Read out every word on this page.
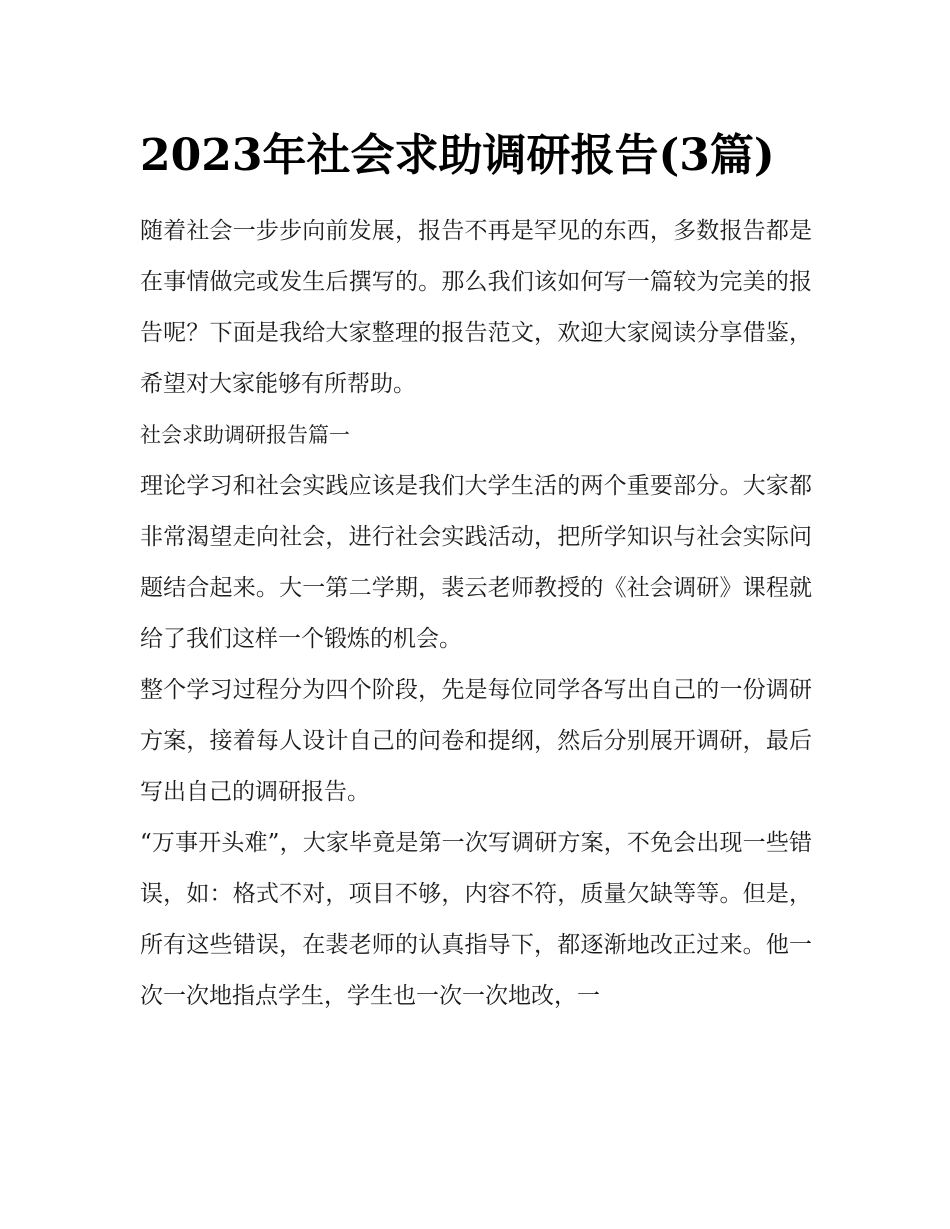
2023年社会求助调研报告(3篇)

随着社会一步步向前发展，报告不再是罕见的东西，多数报告都是在事情做完或发生后撰写的。那么我们该如何写一篇较为完美的报告呢？下面是我给大家整理的报告范文，欢迎大家阅读分享借鉴，希望对大家能够有所帮助。

社会求助调研报告篇一

理论学习和社会实践应该是我们大学生活的两个重要部分。大家都非常渴望走向社会，进行社会实践活动，把所学知识与社会实际问题结合起来。大一第二学期，裴云老师教授的《社会调研》课程就给了我们这样一个锻炼的机会。

整个学习过程分为四个阶段，先是每位同学各写出自己的一份调研方案，接着每人设计自己的问卷和提纲，然后分别展开调研，最后写出自己的调研报告。

“万事开头难”，大家毕竟是第一次写调研方案，不免会出现一些错误，如：格式不对，项目不够，内容不符，质量欠缺等等。但是，所有这些错误，在裴老师的认真指导下，都逐渐地改正过来。他一次一次地指点学生，学生也一次一次地改，一
